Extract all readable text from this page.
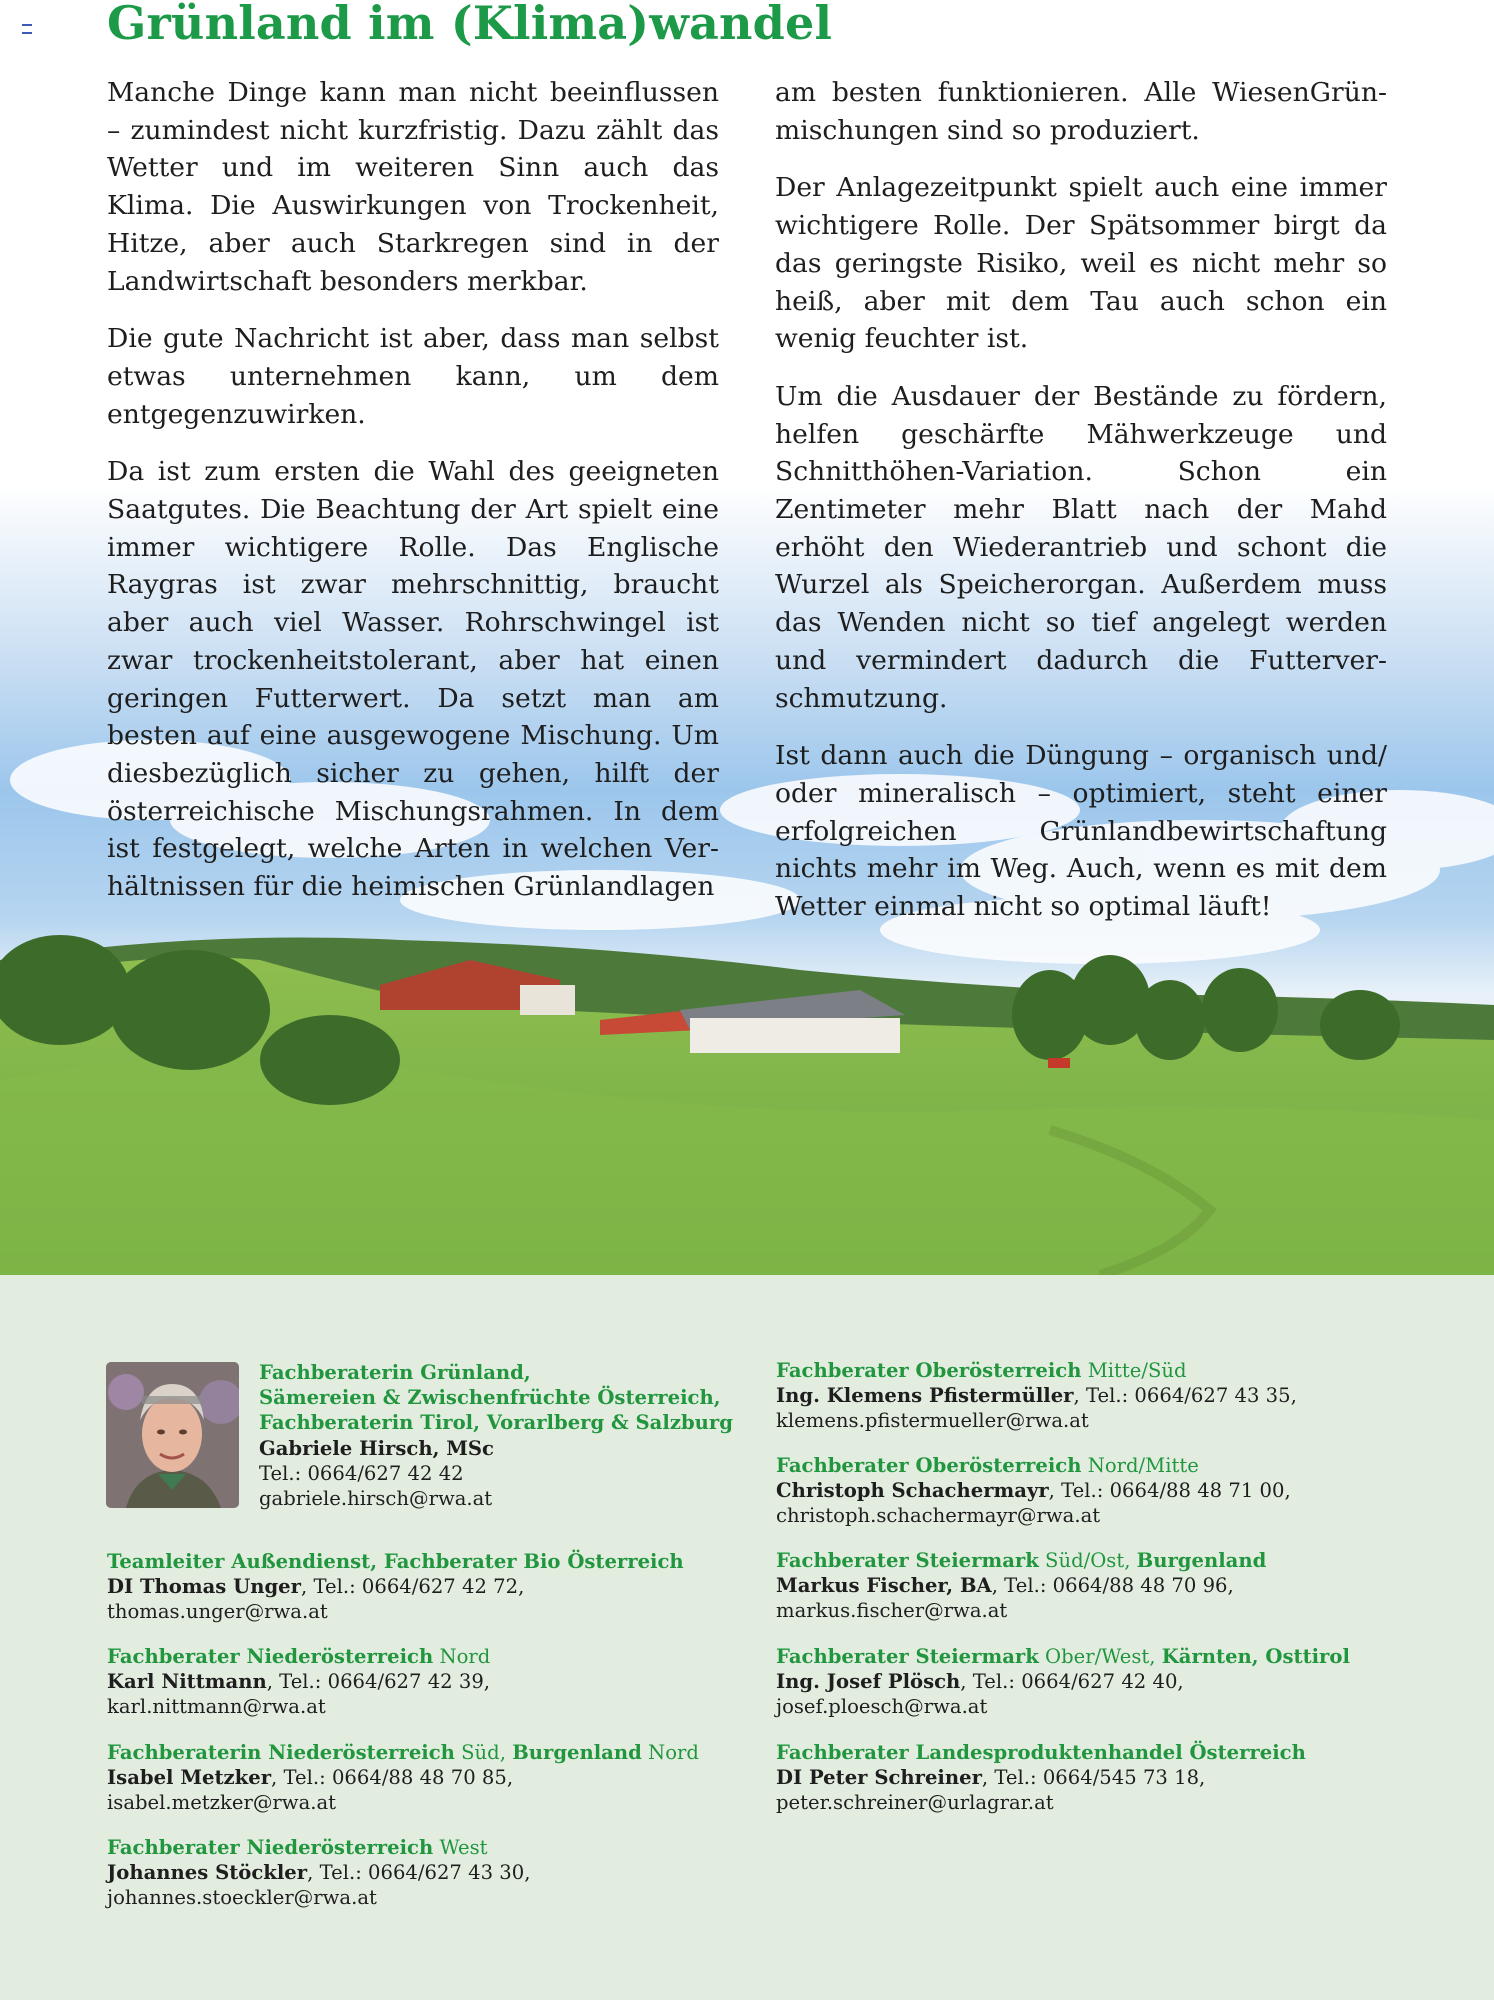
Grünland im (Klima)wandel

Manche Dinge kann man nicht beeinflussen – zumindest nicht kurzfristig. Dazu zählt das Wetter und im weiteren Sinn auch das Klima. Die Auswirkungen von Trockenheit, Hitze, aber auch Starkregen sind in der Landwirtschaft besonders merkbar.

Die gute Nachricht ist aber, dass man selbst etwas unternehmen kann, um dem entgegenzuwirken.

Da ist zum ersten die Wahl des geeigneten Saatgutes. Die Beachtung der Art spielt eine immer wichtigere Rolle. Das Englische Raygras ist zwar mehrschnittig, braucht aber auch viel Wasser. Rohrschwingel ist zwar trockenheitstolerant, aber hat einen geringen Futterwert. Da setzt man am besten auf eine ausgewogene Mischung. Um diesbezüglich sicher zu gehen, hilft der österreichische Mischungsrahmen. In dem ist festgelegt, welche Arten in welchen Verhältnissen für die heimischen Grünlandlagen

am besten funktionieren. Alle WiesenGrünmischungen sind so produziert.

Der Anlagezeitpunkt spielt auch eine immer wichtigere Rolle. Der Spätsommer birgt da das geringste Risiko, weil es nicht mehr so heiß, aber mit dem Tau auch schon ein wenig feuchter ist.

Um die Ausdauer der Bestände zu fördern, helfen geschärfte Mähwerkzeuge und Schnitthöhen-Variation. Schon ein Zentimeter mehr Blatt nach der Mahd erhöht den Wiederantrieb und schont die Wurzel als Speicherorgan. Außerdem muss das Wenden nicht so tief angelegt werden und vermindert dadurch die Futterverschmutzung.

Ist dann auch die Düngung – organisch und/ oder mineralisch – optimiert, steht einer erfolgreichen Grünlandbewirtschaftung nichts mehr im Weg. Auch, wenn es mit dem Wetter einmal nicht so optimal läuft!

Fachberaterin Grünland,
Sämereien & Zwischenfrüchte Österreich,
Fachberaterin Tirol, Vorarlberg & Salzburg
Gabriele Hirsch, MSc
Tel.: 0664/627 42 42
gabriele.hirsch@rwa.at
Teamleiter Außendienst, Fachberater Bio Österreich
DI Thomas Unger, Tel.: 0664/627 42 72,
thomas.unger@rwa.at
Fachberater Niederösterreich Nord
Karl Nittmann, Tel.: 0664/627 42 39,
karl.nittmann@rwa.at
Fachberaterin Niederösterreich Süd, Burgenland Nord
Isabel Metzker, Tel.: 0664/88 48 70 85,
isabel.metzker@rwa.at
Fachberater Niederösterreich West
Johannes Stöckler, Tel.: 0664/627 43 30,
johannes.stoeckler@rwa.at
Fachberater Oberösterreich Mitte/Süd
Ing. Klemens Pfistermüller, Tel.: 0664/627 43 35,
klemens.pfistermueller@rwa.at
Fachberater Oberösterreich Nord/Mitte
Christoph Schachermayr, Tel.: 0664/88 48 71 00,
christoph.schachermayr@rwa.at
Fachberater Steiermark Süd/Ost, Burgenland
Markus Fischer, BA, Tel.: 0664/88 48 70 96,
markus.fischer@rwa.at
Fachberater Steiermark Ober/West, Kärnten, Osttirol
Ing. Josef Plösch, Tel.: 0664/627 42 40,
josef.ploesch@rwa.at
Fachberater Landesproduktenhandel Österreich
DI Peter Schreiner, Tel.: 0664/545 73 18,
peter.schreiner@urlagrar.at
